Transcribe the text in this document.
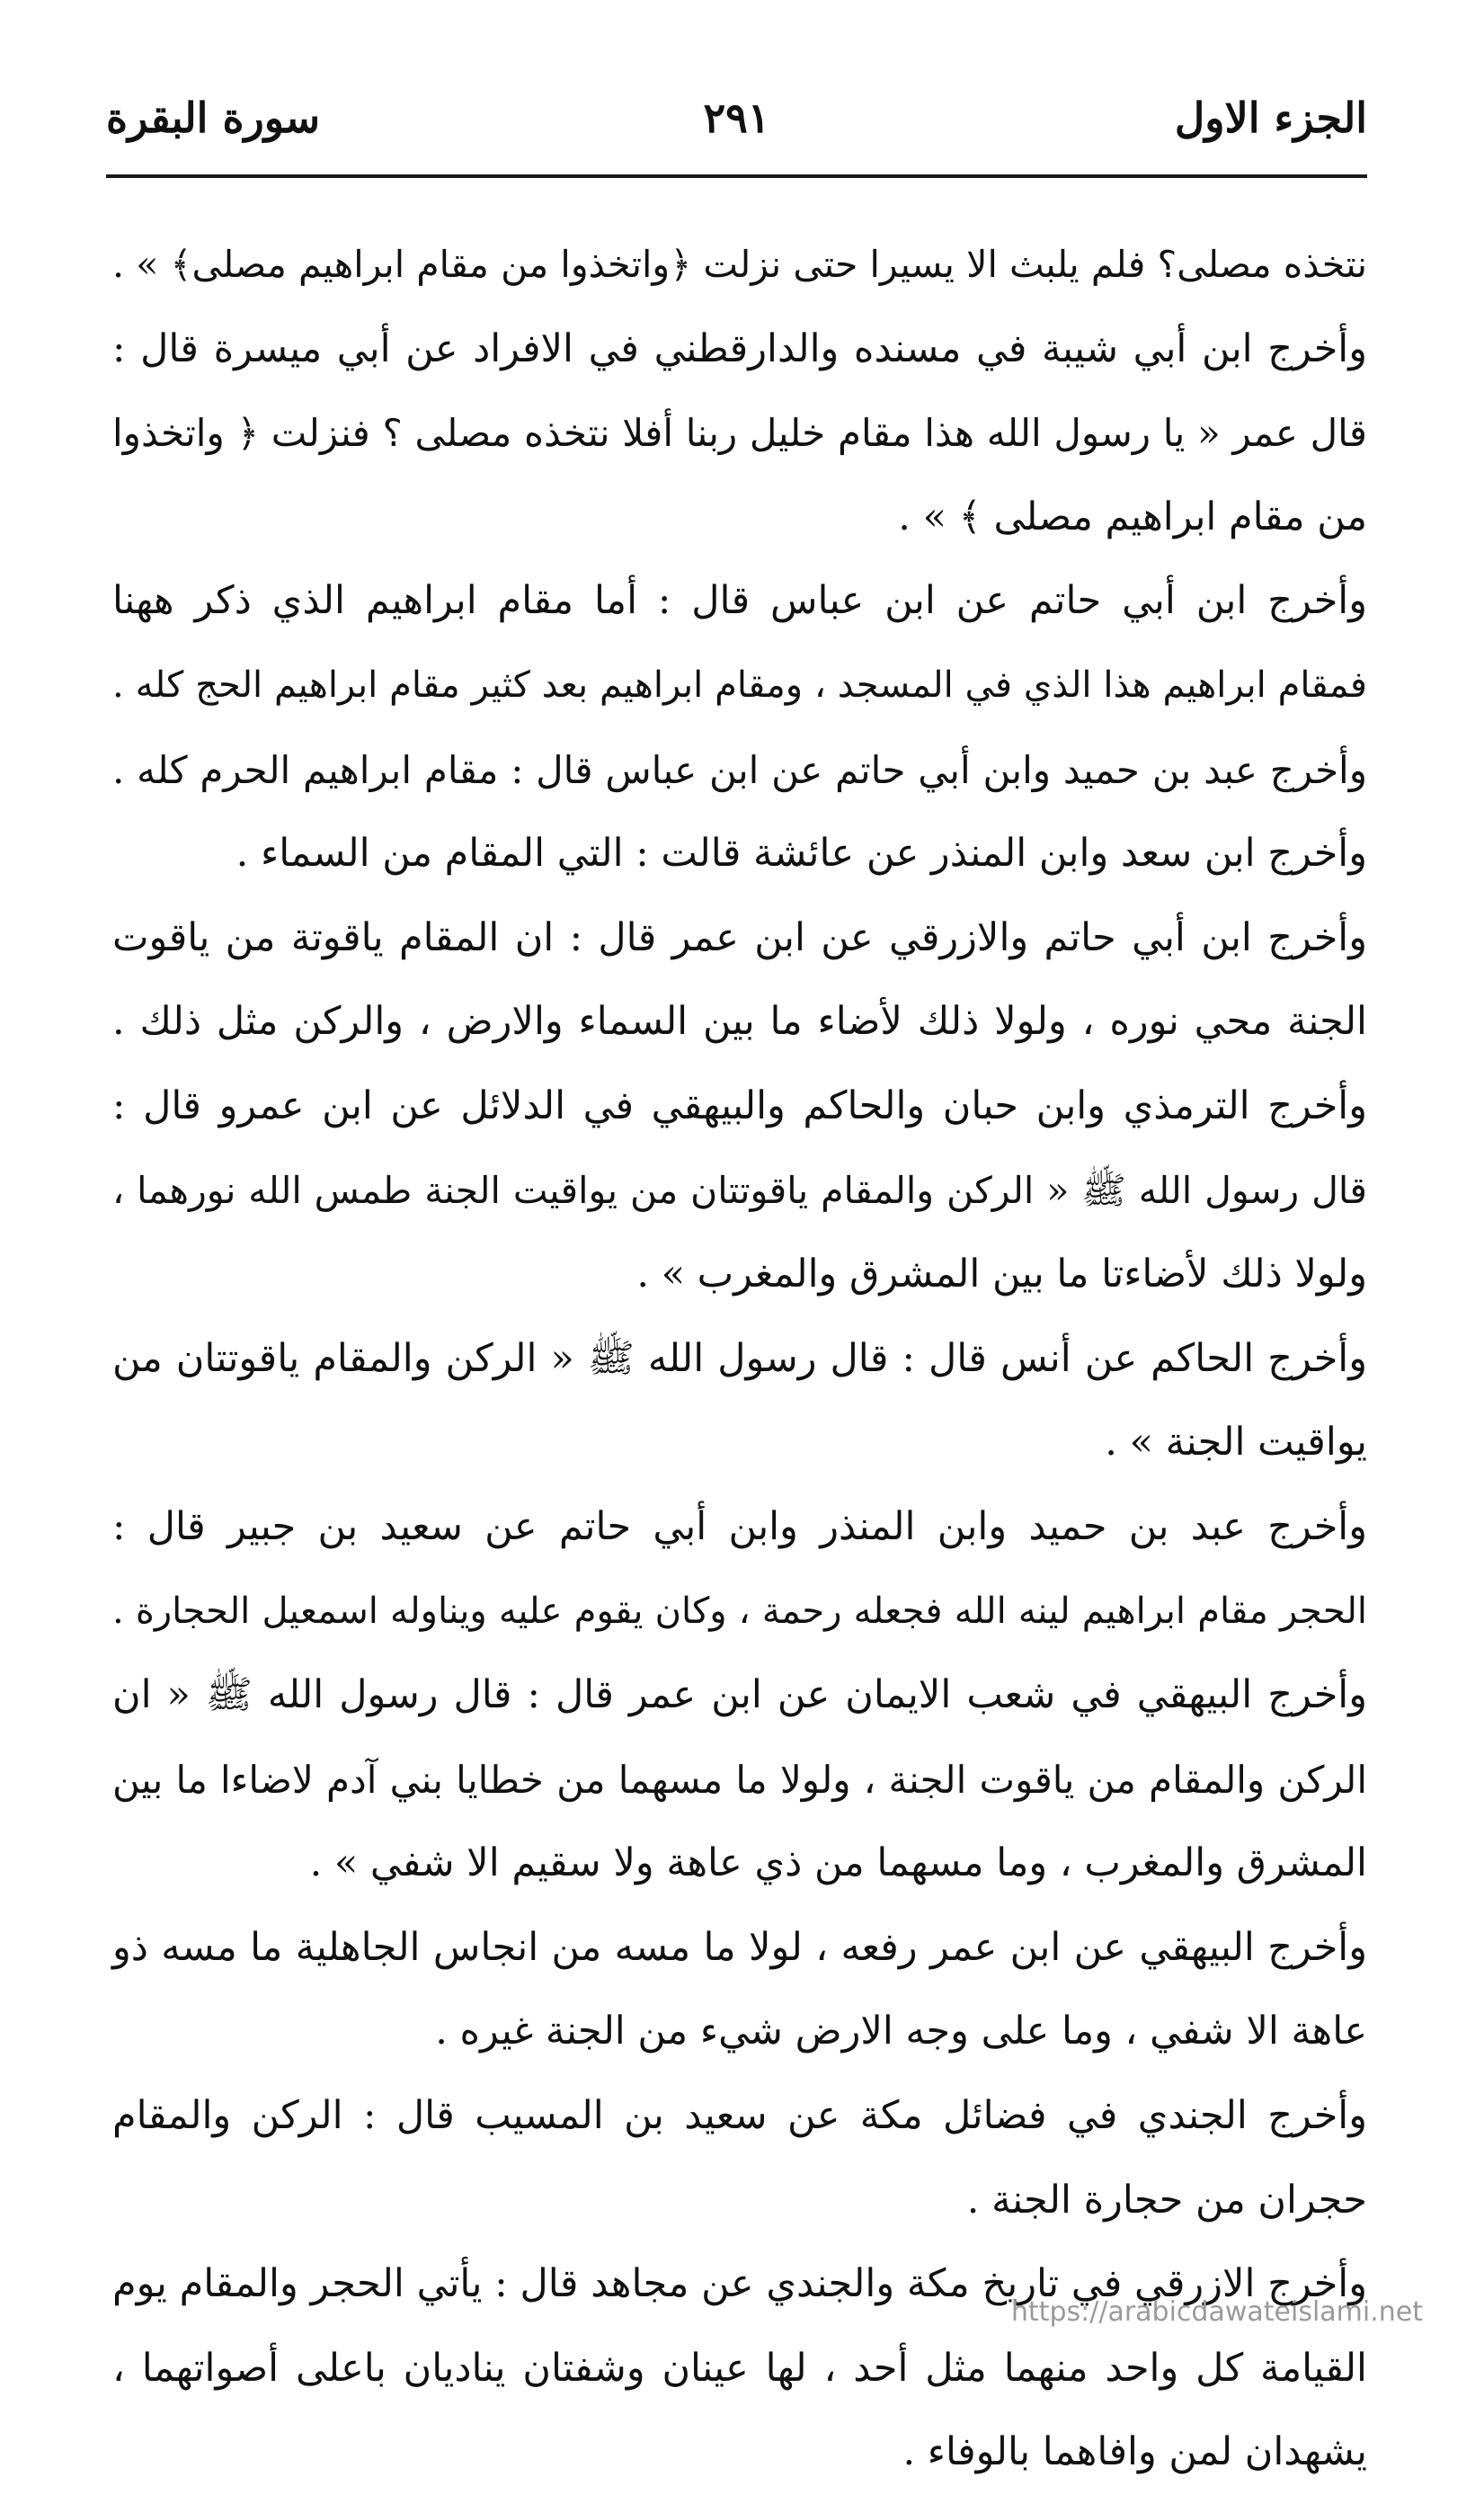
الجزء الاول
٢٩١
سورة البقرة
نتخذه مصلى؟ فلم يلبث الا يسيرا حتى نزلت ﴿واتخذوا من مقام ابراهيم مصلى﴾ » .
وأخرج ابن أبي شيبة في مسنده والدارقطني في الافراد عن أبي ميسرة قال :
قال عمر « يا رسول الله هذا مقام خليل ربنا أفلا نتخذه مصلى ؟ فنزلت ﴿ واتخذوا
من مقام ابراهيم مصلى ﴾ » .
وأخرج ابن أبي حاتم عن ابن عباس قال : أما مقام ابراهيم الذي ذكر ههنا
فمقام ابراهيم هذا الذي في المسجد ، ومقام ابراهيم بعد كثير مقام ابراهيم الحج كله .
وأخرج عبد بن حميد وابن أبي حاتم عن ابن عباس قال : مقام ابراهيم الحرم كله .
وأخرج ابن سعد وابن المنذر عن عائشة قالت : التي المقام من السماء .
وأخرج ابن أبي حاتم والازرقي عن ابن عمر قال : ان المقام ياقوتة من ياقوت
الجنة محي نوره ، ولولا ذلك لأضاء ما بين السماء والارض ، والركن مثل ذلك .
وأخرج الترمذي وابن حبان والحاكم والبيهقي في الدلائل عن ابن عمرو قال :
قال رسول الله ﷺ « الركن والمقام ياقوتتان من يواقيت الجنة طمس الله نورهما ،
ولولا ذلك لأضاءتا ما بين المشرق والمغرب » .
وأخرج الحاكم عن أنس قال : قال رسول الله ﷺ « الركن والمقام ياقوتتان من
يواقيت الجنة » .
وأخرج عبد بن حميد وابن المنذر وابن أبي حاتم عن سعيد بن جبير قال :
الحجر مقام ابراهيم لينه الله فجعله رحمة ، وكان يقوم عليه ويناوله اسمعيل الحجارة .
وأخرج البيهقي في شعب الايمان عن ابن عمر قال : قال رسول الله ﷺ « ان
الركن والمقام من ياقوت الجنة ، ولولا ما مسهما من خطايا بني آدم لاضاءا ما بين
المشرق والمغرب ، وما مسهما من ذي عاهة ولا سقيم الا شفي » .
وأخرج البيهقي عن ابن عمر رفعه ، لولا ما مسه من انجاس الجاهلية ما مسه ذو
عاهة الا شفي ، وما على وجه الارض شيء من الجنة غيره .
وأخرج الجندي في فضائل مكة عن سعيد بن المسيب قال : الركن والمقام
حجران من حجارة الجنة .
وأخرج الازرقي في تاريخ مكة والجندي عن مجاهد قال : يأتي الحجر والمقام يوم
القيامة كل واحد منهما مثل أحد ، لها عينان وشفتان يناديان باعلى أصواتهما ،
يشهدان لمن وافاهما بالوفاء .
https://arabicdawateislami.net
